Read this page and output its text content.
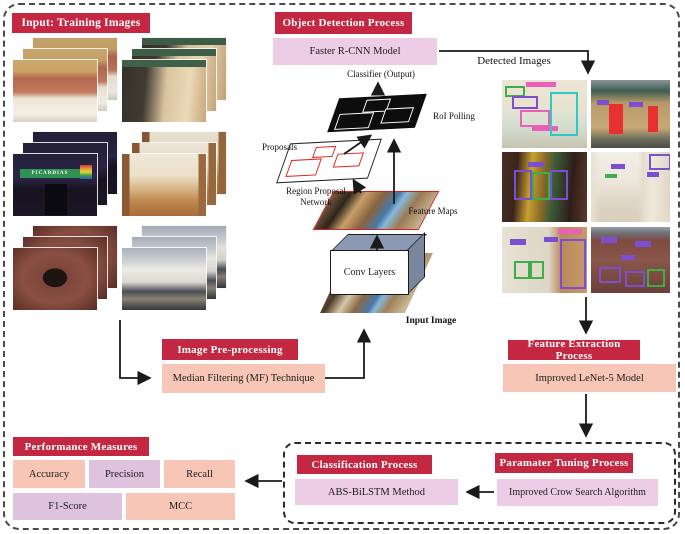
Input: Training Images
PICARDIAS
Object Detection Process
Faster R-CNN Model
Classifier (Output)
RoI Polling
Proposals
Region Proposal Network
Feature Maps
Conv Layers
Input Image
Detected Images
Image Pre-processing
Median Filtering (MF) Technique
Feature Extraction Process
Improved LeNet-5 Model
Classification Process
ABS-BiLSTM Method
Paramater Tuning Process
Improved Crow Search Algorithm
Performance Measures
Accuracy	Precision	Recall
F1-Score	MCC
